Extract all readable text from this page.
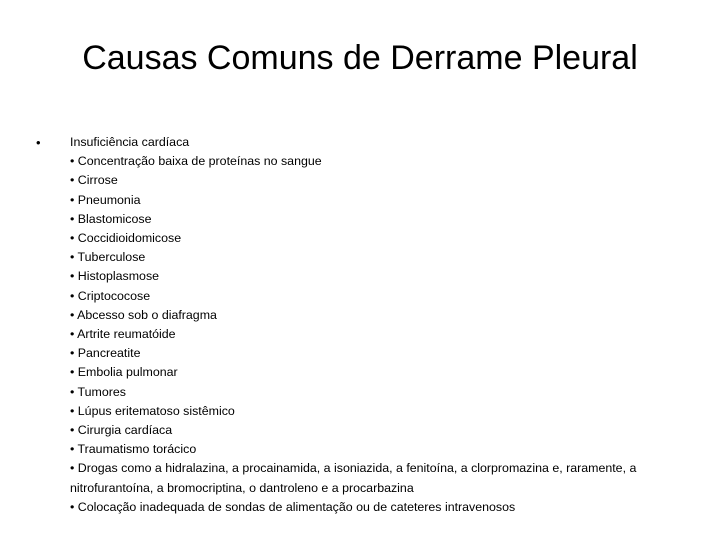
Causas Comuns de Derrame Pleural
• Insuficiência cardíaca
• Concentração baixa de proteínas no sangue
• Cirrose
• Pneumonia
• Blastomicose
• Coccidioidomicose
• Tuberculose
• Histoplasmose
• Criptococose
• Abcesso sob o diafragma
• Artrite reumatóide
• Pancreatite
• Embolia pulmonar
• Tumores
• Lúpus eritematoso sistêmico
• Cirurgia cardíaca
• Traumatismo torácico
• Drogas como a hidralazina, a procainamida, a isoniazida, a fenitoína, a clorpromazina e, raramente, a nitrofurantoína, a bromocriptina, o dantroleno e a procarbazina
• Colocação inadequada de sondas de alimentação ou de cateteres intravenosos
